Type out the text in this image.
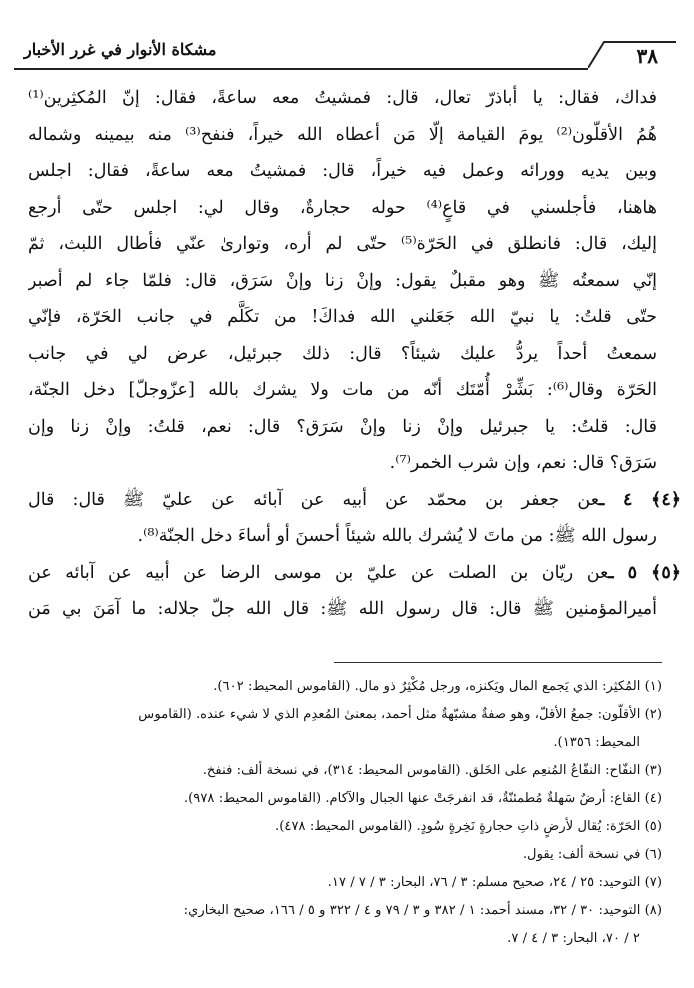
٣٨
مشكاة الأنوار في غرر الأخبار
فداك، فقال: يا أباذرّ تعال، قال: فمشيتُ معه ساعةً، فقال: إنّ المُكثِرين⁽¹⁾
هُمُ الأقلّون⁽²⁾ يومَ القيامة إلّا مَن أعطاه الله خيراً، فنفح⁽³⁾ منه بيمينه وشماله
وبين يديه وورائه وعمل فيه خيراً، قال: فمشيتُ معه ساعةً، فقال: اجلس
هاهنا، فأجلسني في قاعٍ⁽⁴⁾ حوله حجارةٌ، وقال لي: اجلس حتّى أرجع
إليك، قال: فانطلق في الحَرّة⁽⁵⁾ حتّى لم أره، وتوارىٰ عنّي فأطال اللبث، ثمّ
إنّي سمعتُه ﷺ وهو مقبلٌ يقول: وإنْ زنا وإنْ سَرَق، قال: فلمّا جاء لم أصبر
حتّى قلتُ: يا نبيّ الله جَعَلني الله فداكَ! من تكَلَّم في جانب الحَرّة، فإنّي
سمعتُ أحداً يردُّ عليك شيئاً؟ قال: ذلك جبرئيل، عرض لي في جانب
الحَرّة وقال⁽⁶⁾: بَشِّرْ أُمّتَك أنّه من مات ولا يشرك بالله [عزّوجلّ] دخل الجنّة،
قال: قلتُ: يا جبرئيل وإنْ زنا وإنْ سَرَق؟ قال: نعم، قلتُ: وإنْ زنا وإن
سَرَق؟ قال: نعم، وإن شرب الخمر⁽⁷⁾.
﴿٤﴾ ٤ ـعن جعفر بن محمّد عن أبيه عن آبائه عن عليّ ﷺ قال: قال
رسول الله ﷺ: من ماتَ لا يُشرك بالله شيئاً أحسنَ أو أساءَ دخل الجنّة⁽⁸⁾.
﴿٥﴾ ٥ ـعن ريّان بن الصلت عن عليّ بن موسى الرضا عن أبيه عن آبائه عن
أميرالمؤمنين ﷺ قال: قال رسول الله ﷺ: قال الله جلّ جلاله: ما آمَنَ بي مَن
(١) المُكثِر: الذي يَجمع المال ويَكنزه، ورجل مُكْثِرٌ ذو مال. (القاموس المحيط: ٦٠٢).
(٢) الأقلّون: جمعُ الأقلّ، وهو صفةٌ مشبّهةٌ مثل أحمد، بمعنىٰ المُعدِم الذي لا شيء عنده. (القاموس
المحيط: ١٣٥٦).
(٣) النفّاح: النفّاعُ المُنعِم على الخَلق. (القاموس المحيط: ٣١٤)، في نسخة ألف: فنفخ.
(٤) القاع: أرضٌ سَهلةٌ مُطمئنّةٌ، قد انفرجَتْ عنها الجبال والآكام. (القاموس المحيط: ٩٧٨).
(٥) الحَرّة: يُقال لأرضٍ ذاتِ حجارةٍ نَخِرةٍ سُودٍ. (القاموس المحيط: ٤٧٨).
(٦) في نسخة ألف: يقول.
(٧) التوحيد: ٢٥ / ٢٤، صحيح مسلم: ٣ / ٧٦، البحار: ٣ / ٧ / ١٧.
(٨) التوحيد: ٣٠ / ٣٢، مسند أحمد: ١ / ٣٨٢ و ٣ / ٧٩ و ٤ / ٣٢٢ و ٥ / ١٦٦، صحيح البخاري:
٢ / ٧٠، البحار: ٣ / ٤ / ٧.
